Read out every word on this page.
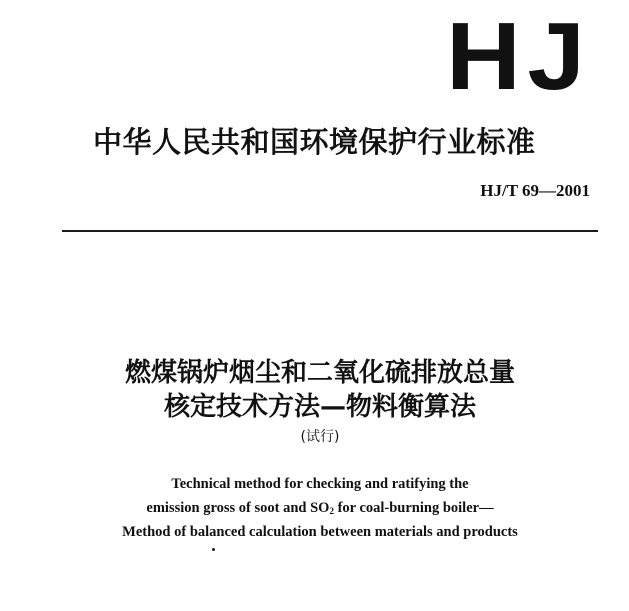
HJ
中华人民共和国环境保护行业标准
HJ/T 69—2001
燃煤锅炉烟尘和二氧化硫排放总量
核定技术方法—物料衡算法
(试行)
Technical method for checking and ratifying the
emission gross of soot and $SO_2$ for coal-burning boiler—
Method of balanced calculation between materials and products
